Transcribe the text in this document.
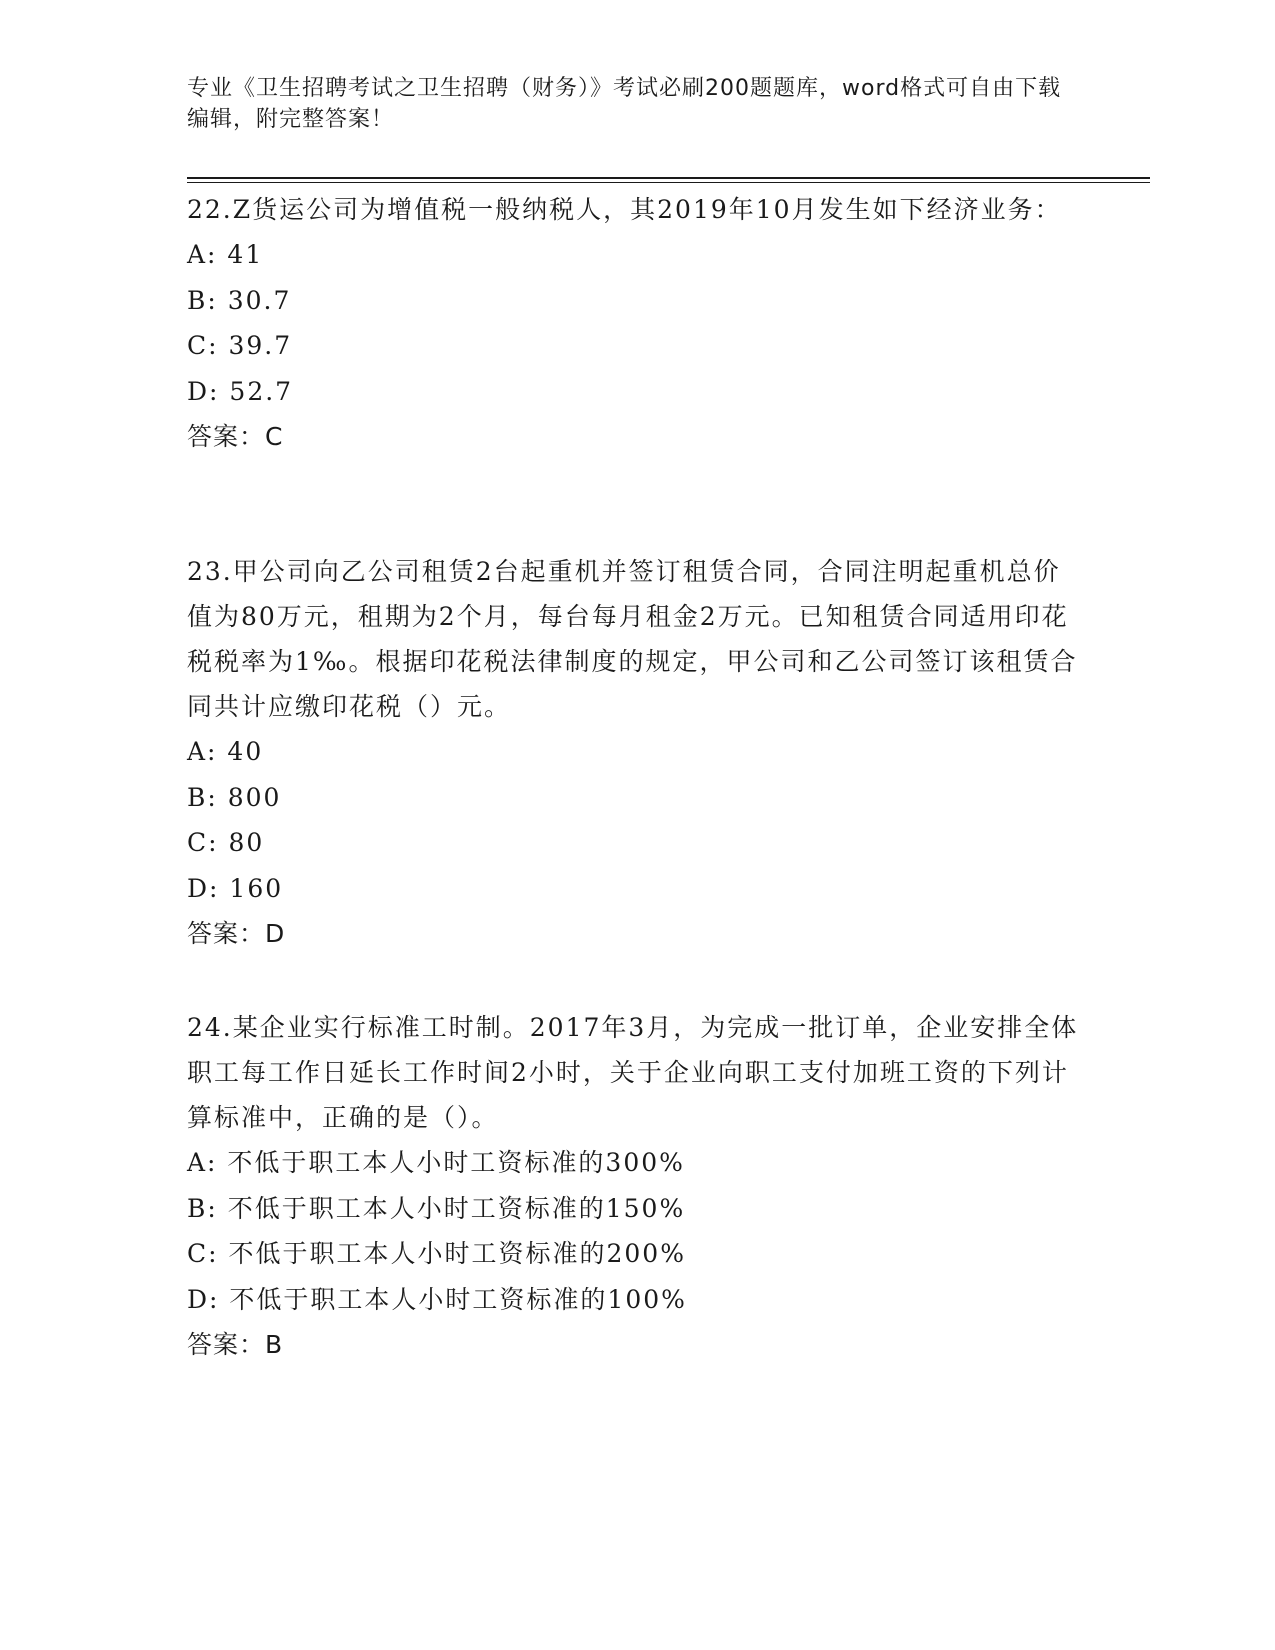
专业《卫生招聘考试之卫生招聘（财务）》考试必刷200题题库，word格式可自由下载编辑，附完整答案！

22.Z货运公司为增值税一般纳税人，其2019年10月发生如下经济业务：

A: 41

B: 30.7

C: 39.7

D: 52.7

答案：C

23.甲公司向乙公司租赁2台起重机并签订租赁合同，合同注明起重机总价值为80万元，租期为2个月，每台每月租金2万元。已知租赁合同适用印花税税率为1‰。根据印花税法律制度的规定，甲公司和乙公司签订该租赁合同共计应缴印花税（）元。

A: 40

B: 800

C: 80

D: 160

答案：D

24.某企业实行标准工时制。2017年3月，为完成一批订单，企业安排全体职工每工作日延长工作时间2小时，关于企业向职工支付加班工资的下列计算标准中，正确的是（）。

A: 不低于职工本人小时工资标准的300%

B: 不低于职工本人小时工资标准的150%

C: 不低于职工本人小时工资标准的200%

D: 不低于职工本人小时工资标准的100%

答案：B
